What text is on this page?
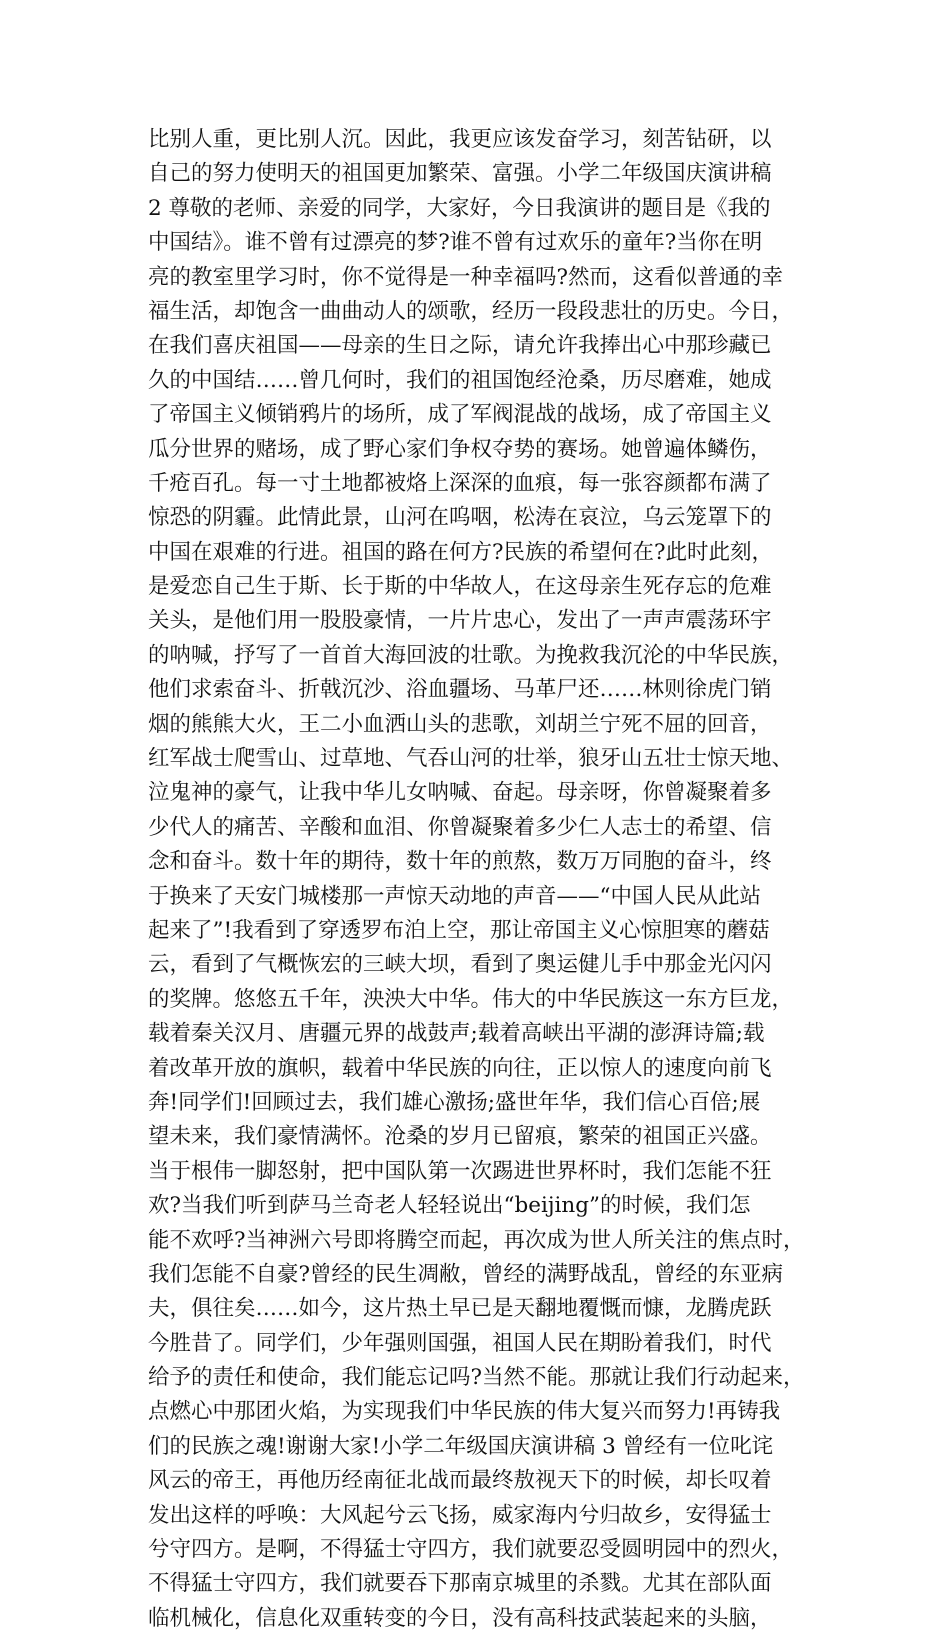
比别人重，更比别人沉。因此，我更应该发奋学习，刻苦钻研，以
自己的努力使明天的祖国更加繁荣、富强。小学二年级国庆演讲稿
2 尊敬的老师、亲爱的同学，大家好，今日我演讲的题目是《我的
中国结》。谁不曾有过漂亮的梦?谁不曾有过欢乐的童年?当你在明
亮的教室里学习时，你不觉得是一种幸福吗?然而，这看似普通的幸
福生活，却饱含一曲曲动人的颂歌，经历一段段悲壮的历史。今日，
在我们喜庆祖国——母亲的生日之际，请允许我捧出心中那珍藏已
久的中国结……曾几何时，我们的祖国饱经沧桑，历尽磨难，她成
了帝国主义倾销鸦片的场所，成了军阀混战的战场，成了帝国主义
瓜分世界的赌场，成了野心家们争权夺势的赛场。她曾遍体鳞伤，
千疮百孔。每一寸土地都被烙上深深的血痕，每一张容颜都布满了
惊恐的阴霾。此情此景，山河在呜咽，松涛在哀泣，乌云笼罩下的
中国在艰难的行进。祖国的路在何方?民族的希望何在?此时此刻，
是爱恋自己生于斯、长于斯的中华故人，在这母亲生死存忘的危难
关头，是他们用一股股豪情，一片片忠心，发出了一声声震荡环宇
的呐喊，抒写了一首首大海回波的壮歌。为挽救我沉沦的中华民族，
他们求索奋斗、折戟沉沙、浴血疆场、马革尸还……林则徐虎门销
烟的熊熊大火，王二小血洒山头的悲歌，刘胡兰宁死不屈的回音，
红军战士爬雪山、过草地、气吞山河的壮举，狼牙山五壮士惊天地、
泣鬼神的豪气，让我中华儿女呐喊、奋起。母亲呀，你曾凝聚着多
少代人的痛苦、辛酸和血泪、你曾凝聚着多少仁人志士的希望、信
念和奋斗。数十年的期待，数十年的煎熬，数万万同胞的奋斗，终
于换来了天安门城楼那一声惊天动地的声音——“中国人民从此站
起来了”!我看到了穿透罗布泊上空，那让帝国主义心惊胆寒的蘑菇
云，看到了气概恢宏的三峡大坝，看到了奥运健儿手中那金光闪闪
的奖牌。悠悠五千年，泱泱大中华。伟大的中华民族这一东方巨龙，
载着秦关汉月、唐疆元界的战鼓声;载着高峡出平湖的澎湃诗篇;载
着改革开放的旗帜，载着中华民族的向往，正以惊人的速度向前飞
奔!同学们!回顾过去，我们雄心激扬;盛世年华，我们信心百倍;展
望未来，我们豪情满怀。沧桑的岁月已留痕，繁荣的祖国正兴盛。
当于根伟一脚怒射，把中国队第一次踢进世界杯时，我们怎能不狂
欢?当我们听到萨马兰奇老人轻轻说出“beijing”的时候，我们怎
能不欢呼?当神洲六号即将腾空而起，再次成为世人所关注的焦点时，
我们怎能不自豪?曾经的民生凋敝，曾经的满野战乱，曾经的东亚病
夫，俱往矣……如今，这片热土早已是天翻地覆慨而慷，龙腾虎跃
今胜昔了。同学们，少年强则国强，祖国人民在期盼着我们，时代
给予的责任和使命，我们能忘记吗?当然不能。那就让我们行动起来，
点燃心中那团火焰，为实现我们中华民族的伟大复兴而努力!再铸我
们的民族之魂!谢谢大家!小学二年级国庆演讲稿 3 曾经有一位叱诧
风云的帝王，再他历经南征北战而最终敖视天下的时候，却长叹着
发出这样的呼唤：大风起兮云飞扬，威家海内兮归故乡，安得猛士
兮守四方。是啊，不得猛士守四方，我们就要忍受圆明园中的烈火，
不得猛士守四方，我们就要吞下那南京城里的杀戮。尤其在部队面
临机械化，信息化双重转变的今日，没有高科技武装起来的头脑，
